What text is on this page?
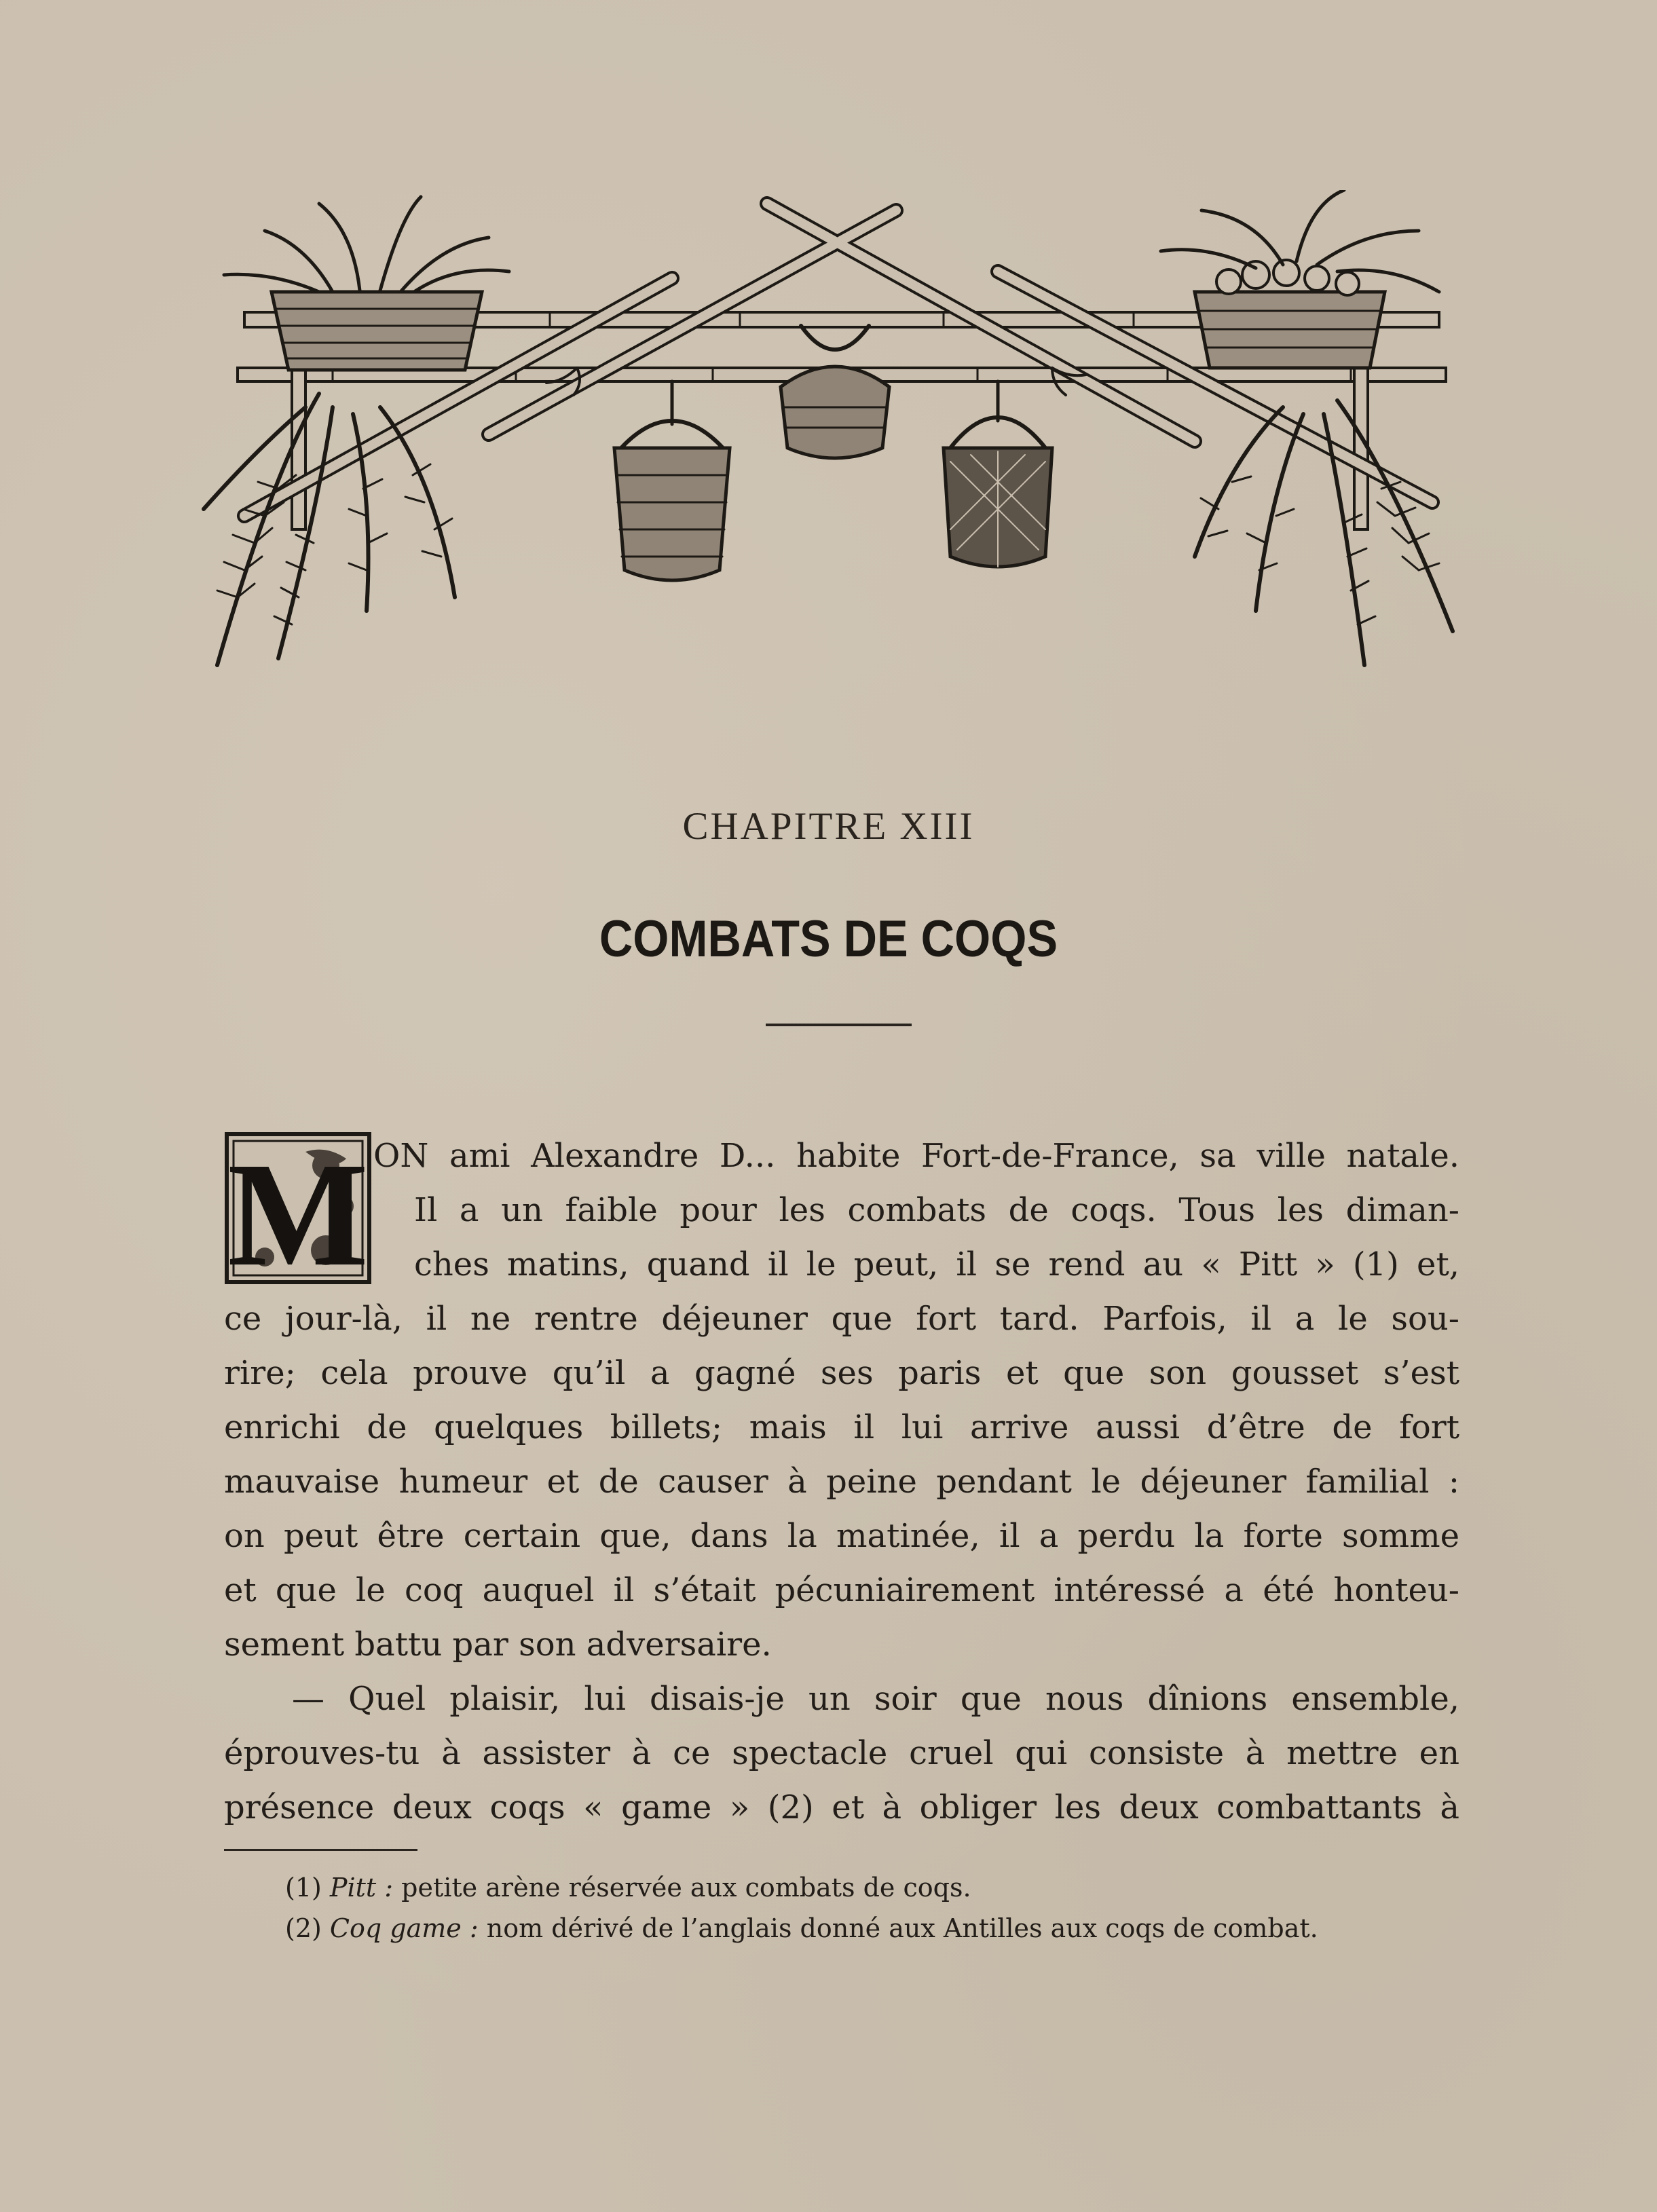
CHAPITRE XIII
COMBATS DE COQS
M ON ami Alexandre D... habite Fort-de-France, sa ville natale.
Il a un faible pour les combats de coqs. Tous les diman-
ches matins, quand il le peut, il se rend au « Pitt » (1) et,
ce jour-là, il ne rentre déjeuner que fort tard. Parfois, il a le sou-
rire; cela prouve qu’il a gagné ses paris et que son gousset s’est
enrichi de quelques billets; mais il lui arrive aussi d’être de fort
mauvaise humeur et de causer à peine pendant le déjeuner familial :
on peut être certain que, dans la matinée, il a perdu la forte somme
et que le coq auquel il s’était pécuniairement intéressé a été honteu-
sement battu par son adversaire.
— Quel plaisir, lui disais-je un soir que nous dînions ensemble,
éprouves-tu à assister à ce spectacle cruel qui consiste à mettre en
présence deux coqs « game » (2) et à obliger les deux combattants à
(1) Pitt : petite arène réservée aux combats de coqs.
(2) Coq game : nom dérivé de l’anglais donné aux Antilles aux coqs de combat.
